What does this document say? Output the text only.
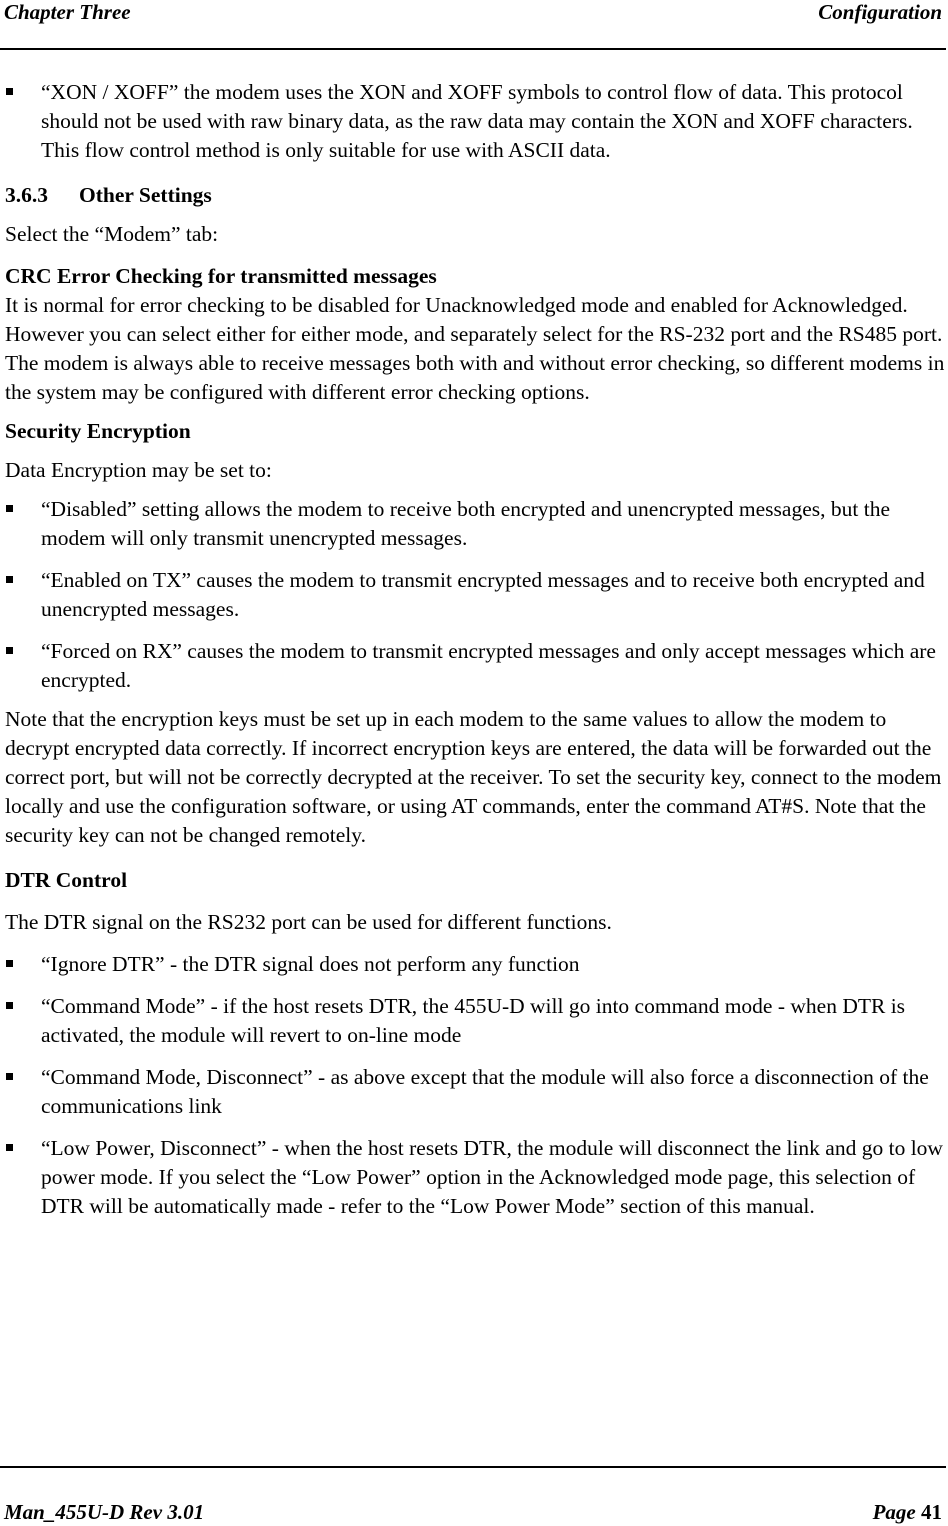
Chapter Three	Configuration

“XON / XOFF” the modem uses the XON and XOFF symbols to control flow of data. This protocol should not be used with raw binary data, as the raw data may contain the XON and XOFF characters. This flow control method is only suitable for use with ASCII data.

3.6.3	Other Settings

Select the “Modem” tab:

CRC Error Checking for transmitted messages

It is normal for error checking to be disabled for Unacknowledged mode and enabled for Acknowledged. However you can select either for either mode, and separately select for the RS-232 port and the RS485 port. The modem is always able to receive messages both with and without error checking, so different modems in the system may be configured with different error checking options.

Security Encryption

Data Encryption may be set to:

“Disabled” setting allows the modem to receive both encrypted and unencrypted messages, but the modem will only transmit unencrypted messages.

“Enabled on TX” causes the modem to transmit encrypted messages and to receive both encrypted and unencrypted messages.

“Forced on RX” causes the modem to transmit encrypted messages and only accept messages which are encrypted.

Note that the encryption keys must be set up in each modem to the same values to allow the modem to decrypt encrypted data correctly. If incorrect encryption keys are entered, the data will be forwarded out the correct port, but will not be correctly decrypted at the receiver. To set the security key, connect to the modem locally and use the configuration software, or using AT commands, enter the command AT#S. Note that the security key can not be changed remotely.

DTR Control

The DTR signal on the RS232 port can be used for different functions.

“Ignore DTR” - the DTR signal does not perform any function

“Command Mode” - if the host resets DTR, the 455U-D will go into command mode - when DTR is activated, the module will revert to on-line mode

“Command Mode, Disconnect” - as above except that the module will also force a disconnection of the communications link

“Low Power, Disconnect” - when the host resets DTR, the module will disconnect the link and go to low power mode. If you select the “Low Power” option in the Acknowledged mode page, this selection of DTR will be automatically made - refer to the “Low Power Mode” section of this manual.

Man_455U-D Rev 3.01	Page 41
